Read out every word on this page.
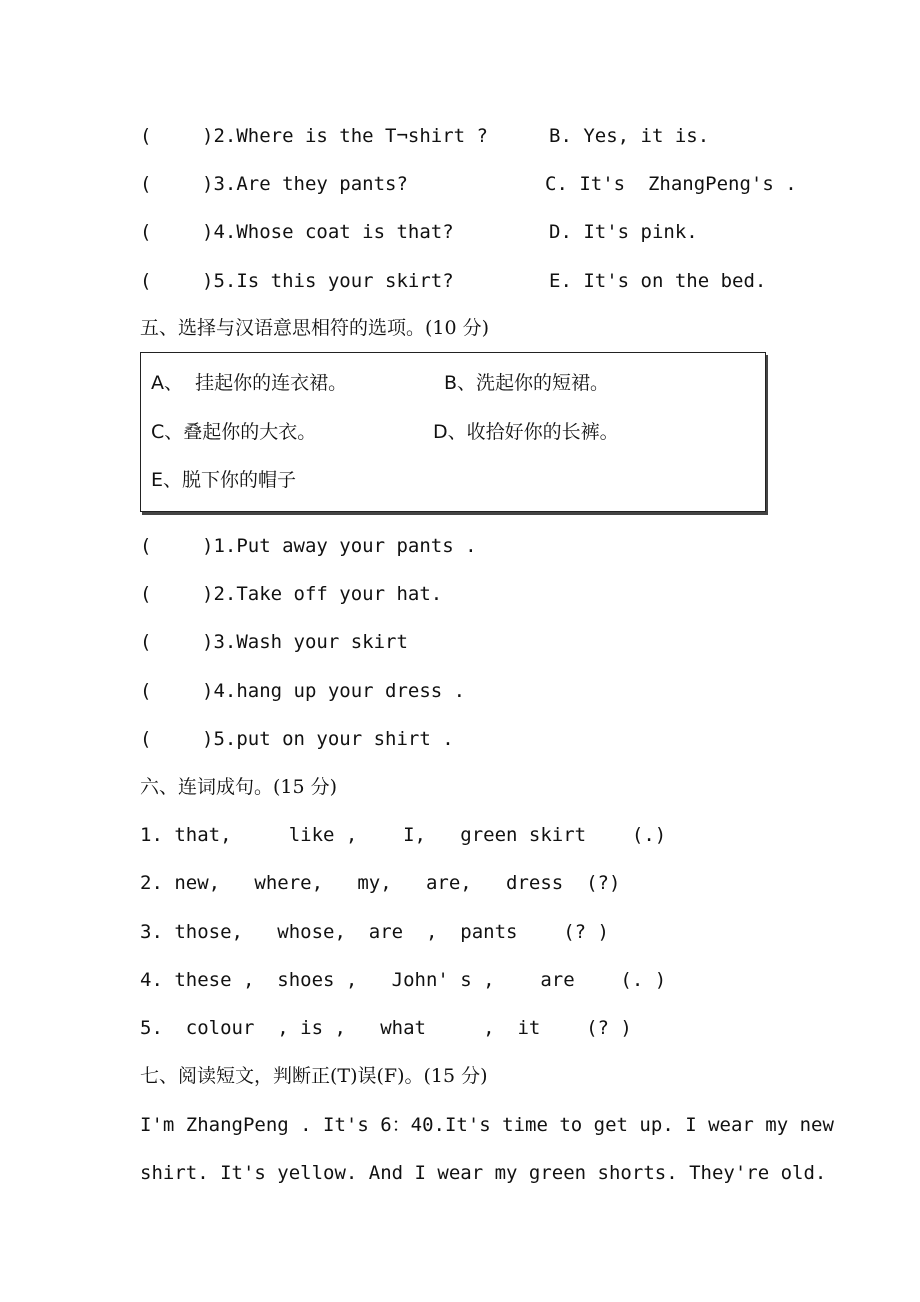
(	)2.Where is the T¬shirt ?	B. Yes, it is.
(	)3.Are they pants?	C. It's  ZhangPeng's .
(	)4.Whose coat is that?	D. It's pink.
(	)5.Is this your skirt?	E. It's on the bed.
五、选择与汉语意思相符的选项。(10 分)
A、  挂起你的连衣裙。	B、洗起你的短裙。
C、叠起你的大衣。	D、收拾好你的长裤。
E、脱下你的帽子
(	)1.Put away your pants .
(	)2.Take off your hat.
(	)3.Wash your skirt
(	)4.hang up your dress .
(	)5.put on your shirt .
六、连词成句。(15 分)
1. that,     like ,    I,   green skirt    (.)
2. new,   where,   my,   are,   dress  (?)
3. those,   whose,  are  ,  pants    (? )
4. these ,  shoes ,   John' s ,    are    (. )
5.  colour  , is ,   what     ,  it    (? )
七、阅读短文，判断正(T)误(F)。(15 分)
I'm ZhangPeng . It's 6：40.It's time to get up. I wear my new
shirt. It's yellow. And I wear my green shorts. They're old.
